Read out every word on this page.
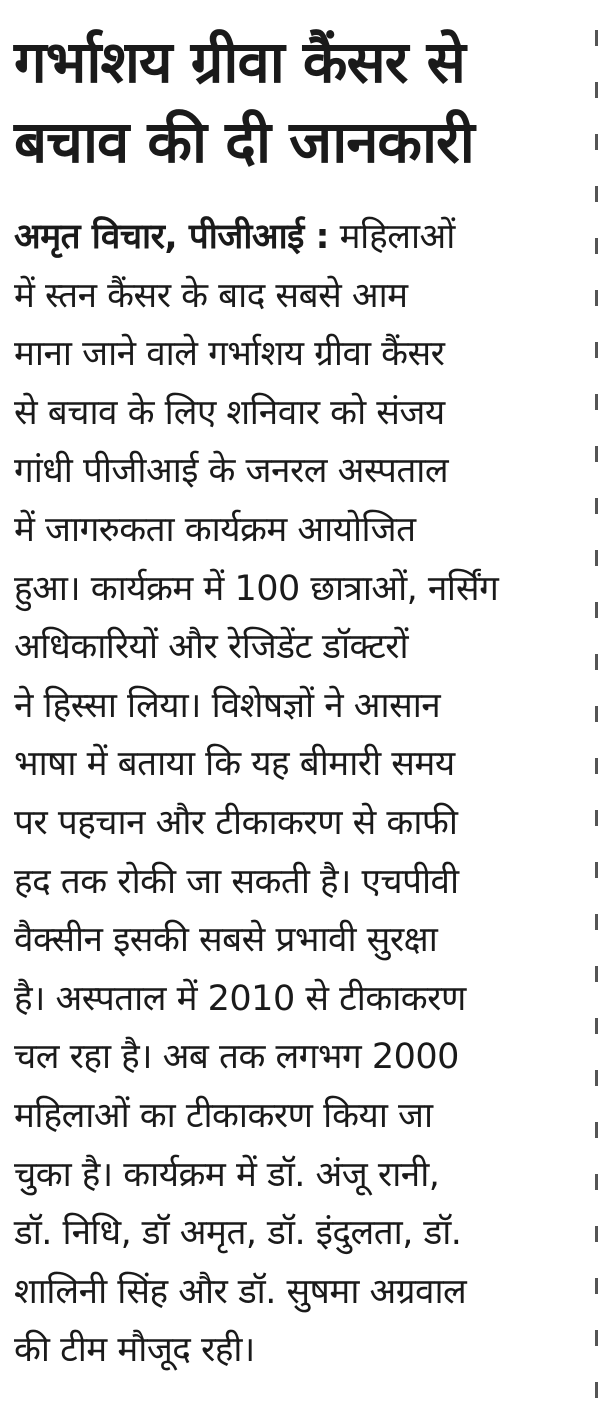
गर्भाशय ग्रीवा कैंसर से
बचाव की दी जानकारी
अमृत विचार, पीजीआई : महिलाओं
में स्तन कैंसर के बाद सबसे आम
माना जाने वाले गर्भाशय ग्रीवा कैंसर
से बचाव के लिए शनिवार को संजय
गांधी पीजीआई के जनरल अस्पताल
में जागरुकता कार्यक्रम आयोजित
हुआ। कार्यक्रम में 100 छात्राओं, नर्सिंग
अधिकारियों और रेजिडेंट डॉक्टरों
ने हिस्सा लिया। विशेषज्ञों ने आसान
भाषा में बताया कि यह बीमारी समय
पर पहचान और टीकाकरण से काफी
हद तक रोकी जा सकती है। एचपीवी
वैक्सीन इसकी सबसे प्रभावी सुरक्षा
है। अस्पताल में 2010 से टीकाकरण
चल रहा है। अब तक लगभग 2000
महिलाओं का टीकाकरण किया जा
चुका है। कार्यक्रम में डॉ. अंजू रानी,
डॉ. निधि, डॉ अमृत, डॉ. इंदुलता, डॉ.
शालिनी सिंह और डॉ. सुषमा अग्रवाल
की टीम मौजूद रही।
